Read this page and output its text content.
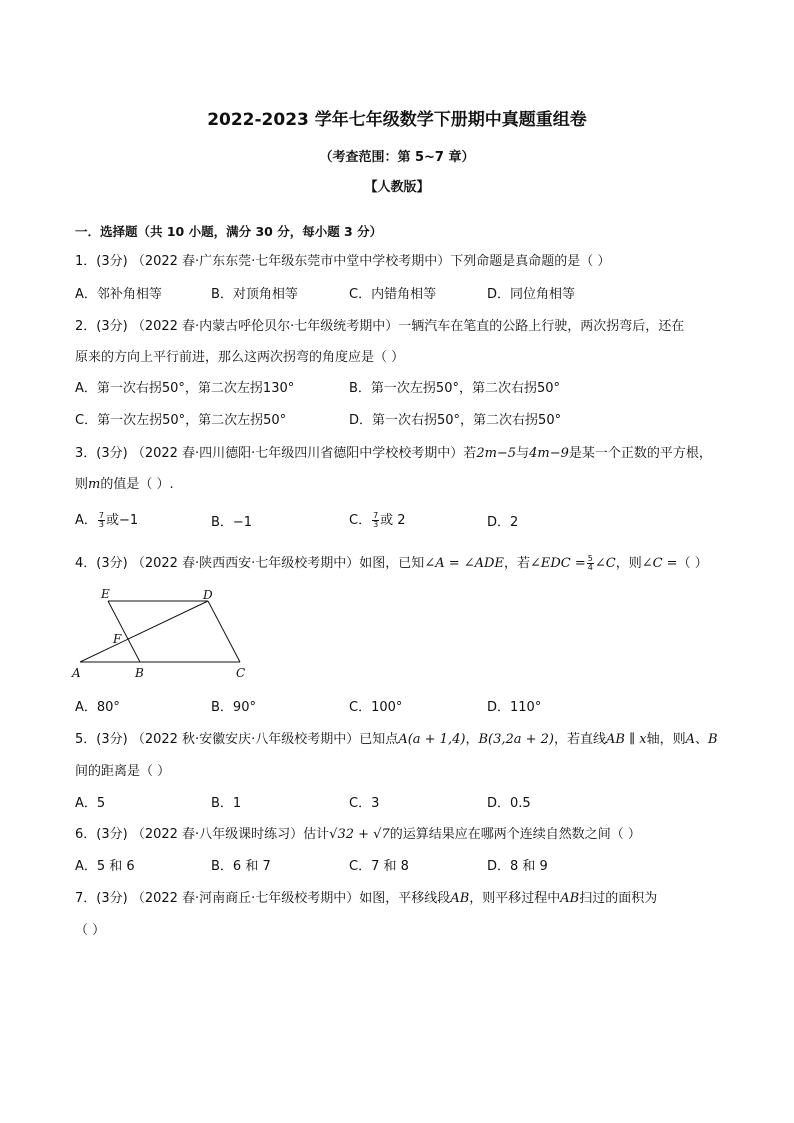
2022-2023 学年七年级数学下册期中真题重组卷
（考查范围：第 5~7 章）
【人教版】
一．选择题（共 10 小题，满分 30 分，每小题 3 分）
1．(3分) （2022 春·广东东莞·七年级东莞市中堂中学校考期中）下列命题是真命题的是（ ）
A．邻补角相等	B．对顶角相等	C．内错角相等	D．同位角相等
2．(3分) （2022 春·内蒙古呼伦贝尔·七年级统考期中）一辆汽车在笔直的公路上行驶，两次拐弯后，还在
原来的方向上平行前进，那么这两次拐弯的角度应是（ ）
A．第一次右拐50°，第二次左拐130°	B．第一次左拐50°，第二次右拐50°
C．第一次左拐50°，第二次左拐50°	D．第一次右拐50°，第二次右拐50°
3．(3分) （2022 春·四川德阳·七年级四川省德阳中学校校考期中）若2m−5与4m−9是某一个正数的平方根，
则m的值是（ ）.
A． $\frac{7}{3}$ 或−1	B．−1	C． $\frac{7}{3}$ 或 2	D．2
4．(3分) （2022 春·陕西西安·七年级校考期中）如图，已知∠A = ∠ADE，若∠EDC = $\frac{5}{4}$ ∠C，则∠C =（ ）
E	D
F
A	B	C
A．80°	B．90°	C．100°	D．110°
5．(3分) （2022 秋·安徽安庆·八年级校考期中）已知点A(a + 1,4)，B(3,2a + 2)，若直线AB ∥ x轴，则A、B
间的距离是（ ）
A．5	B．1	C．3	D．0.5
6．(3分) （2022 春·八年级课时练习）估计√32 + √7的运算结果应在哪两个连续自然数之间（ ）
A．5 和 6	B．6 和 7	C．7 和 8	D．8 和 9
7．(3分) （2022 春·河南商丘·七年级校考期中）如图，平移线段AB，则平移过程中AB扫过的面积为
（ ）
